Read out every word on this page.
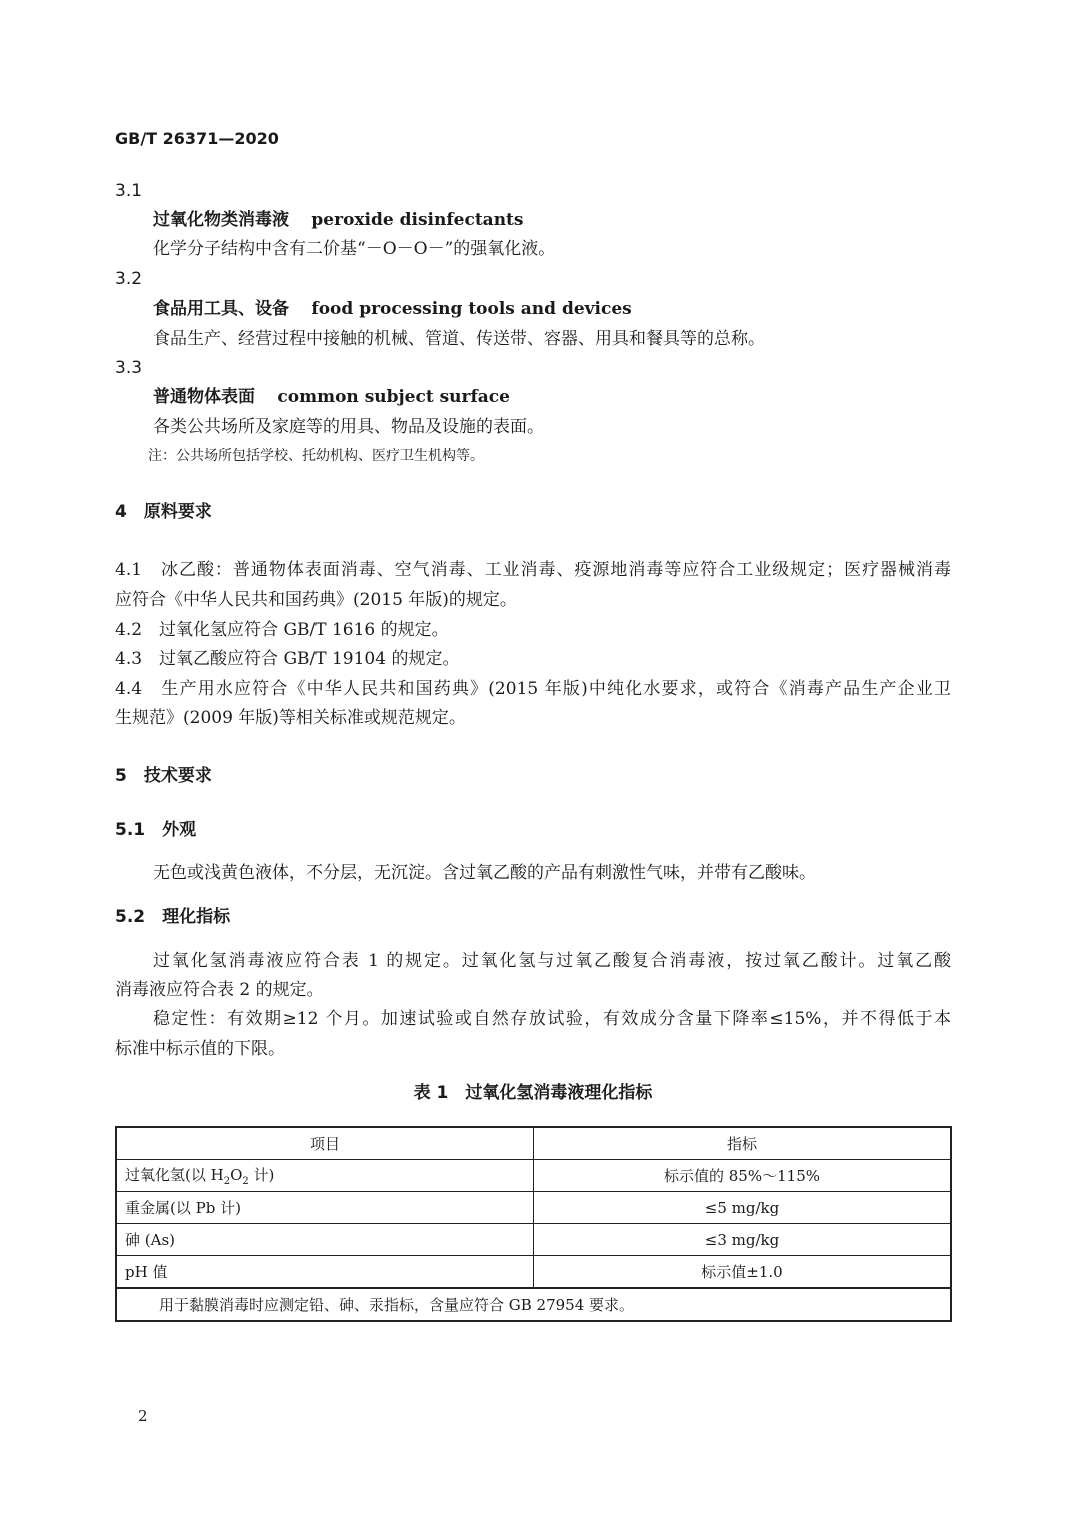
GB/T 26371—2020
3.1
过氧化物类消毒液　 peroxide disinfectants
化学分子结构中含有二价基“－O－O－”的强氧化液。
3.2
食品用工具、设备　 food processing tools and devices
食品生产、经营过程中接触的机械、管道、传送带、容器、用具和餐具等的总称。
3.3
普通物体表面　 common subject surface
各类公共场所及家庭等的用具、物品及设施的表面。
注：公共场所包括学校、托幼机构、医疗卫生机构等。
4　原料要求
4.1　冰乙酸：普通物体表面消毒、空气消毒、工业消毒、疫源地消毒等应符合工业级规定；医疗器械消毒
应符合《中华人民共和国药典》(2015 年版)的规定。
4.2　过氧化氢应符合 GB/T 1616 的规定。
4.3　过氧乙酸应符合 GB/T 19104 的规定。
4.4　生产用水应符合《中华人民共和国药典》(2015 年版)中纯化水要求，或符合《消毒产品生产企业卫
生规范》(2009 年版)等相关标准或规范规定。
5　技术要求
5.1　外观
无色或浅黄色液体，不分层，无沉淀。含过氧乙酸的产品有刺激性气味，并带有乙酸味。
5.2　理化指标
过氧化氢消毒液应符合表 1 的规定。过氧化氢与过氧乙酸复合消毒液，按过氧乙酸计。过氧乙酸
消毒液应符合表 2 的规定。
稳定性：有效期≥12 个月。加速试验或自然存放试验，有效成分含量下降率≤15%，并不得低于本
标准中标示值的下限。
表 1　过氧化氢消毒液理化指标
项目	指标
过氧化氢(以 $H_2O_2$ 计)	标示值的 85%～115%
重金属(以 Pb 计)	≤5 mg/kg
砷 (As)	≤3 mg/kg
pH 值	标示值±1.0
用于黏膜消毒时应测定铅、砷、汞指标，含量应符合 GB 27954 要求。	
2
